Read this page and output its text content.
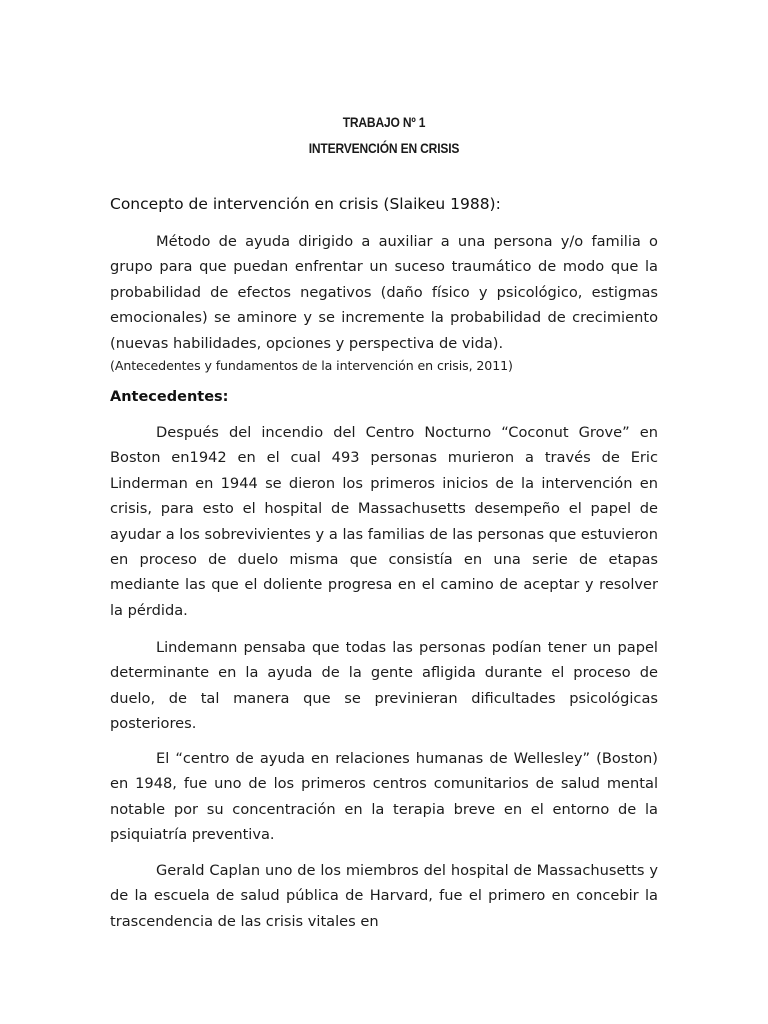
TRABAJO Nº 1
INTERVENCIÓN EN CRISIS
Concepto de intervención en crisis (Slaikeu 1988):

Método de ayuda dirigido a auxiliar a una persona y/o familia o grupo para que puedan enfrentar un suceso traumático de modo que la probabilidad de efectos negativos (daño físico y psicológico, estigmas emocionales) se aminore y se incremente la probabilidad de crecimiento (nuevas habilidades, opciones y perspectiva de vida).

(Antecedentes y fundamentos de la intervención en crisis, 2011)
Antecedentes:

Después del incendio del Centro Nocturno “Coconut Grove” en Boston en1942 en el cual 493 personas murieron a través de Eric Linderman en 1944 se dieron los primeros inicios de la intervención en crisis, para esto el hospital de Massachusetts desempeño el papel de ayudar a los sobrevivientes y a las familias de las personas que estuvieron en proceso de duelo misma que consistía en una serie de etapas mediante las que el doliente progresa en el camino de aceptar y resolver la pérdida.

Lindemann pensaba que todas las personas podían tener un papel determinante en la ayuda de la gente afligida durante el proceso de duelo, de tal manera que se previnieran dificultades psicológicas posteriores.

El “centro de ayuda en relaciones humanas de Wellesley” (Boston) en 1948, fue uno de los primeros centros comunitarios de salud mental notable por su concentración en la terapia breve en el entorno de la psiquiatría preventiva.

Gerald Caplan uno de los miembros del hospital de Massachusetts y de la escuela de salud pública de Harvard, fue el primero en concebir la trascendencia de las crisis vitales en
